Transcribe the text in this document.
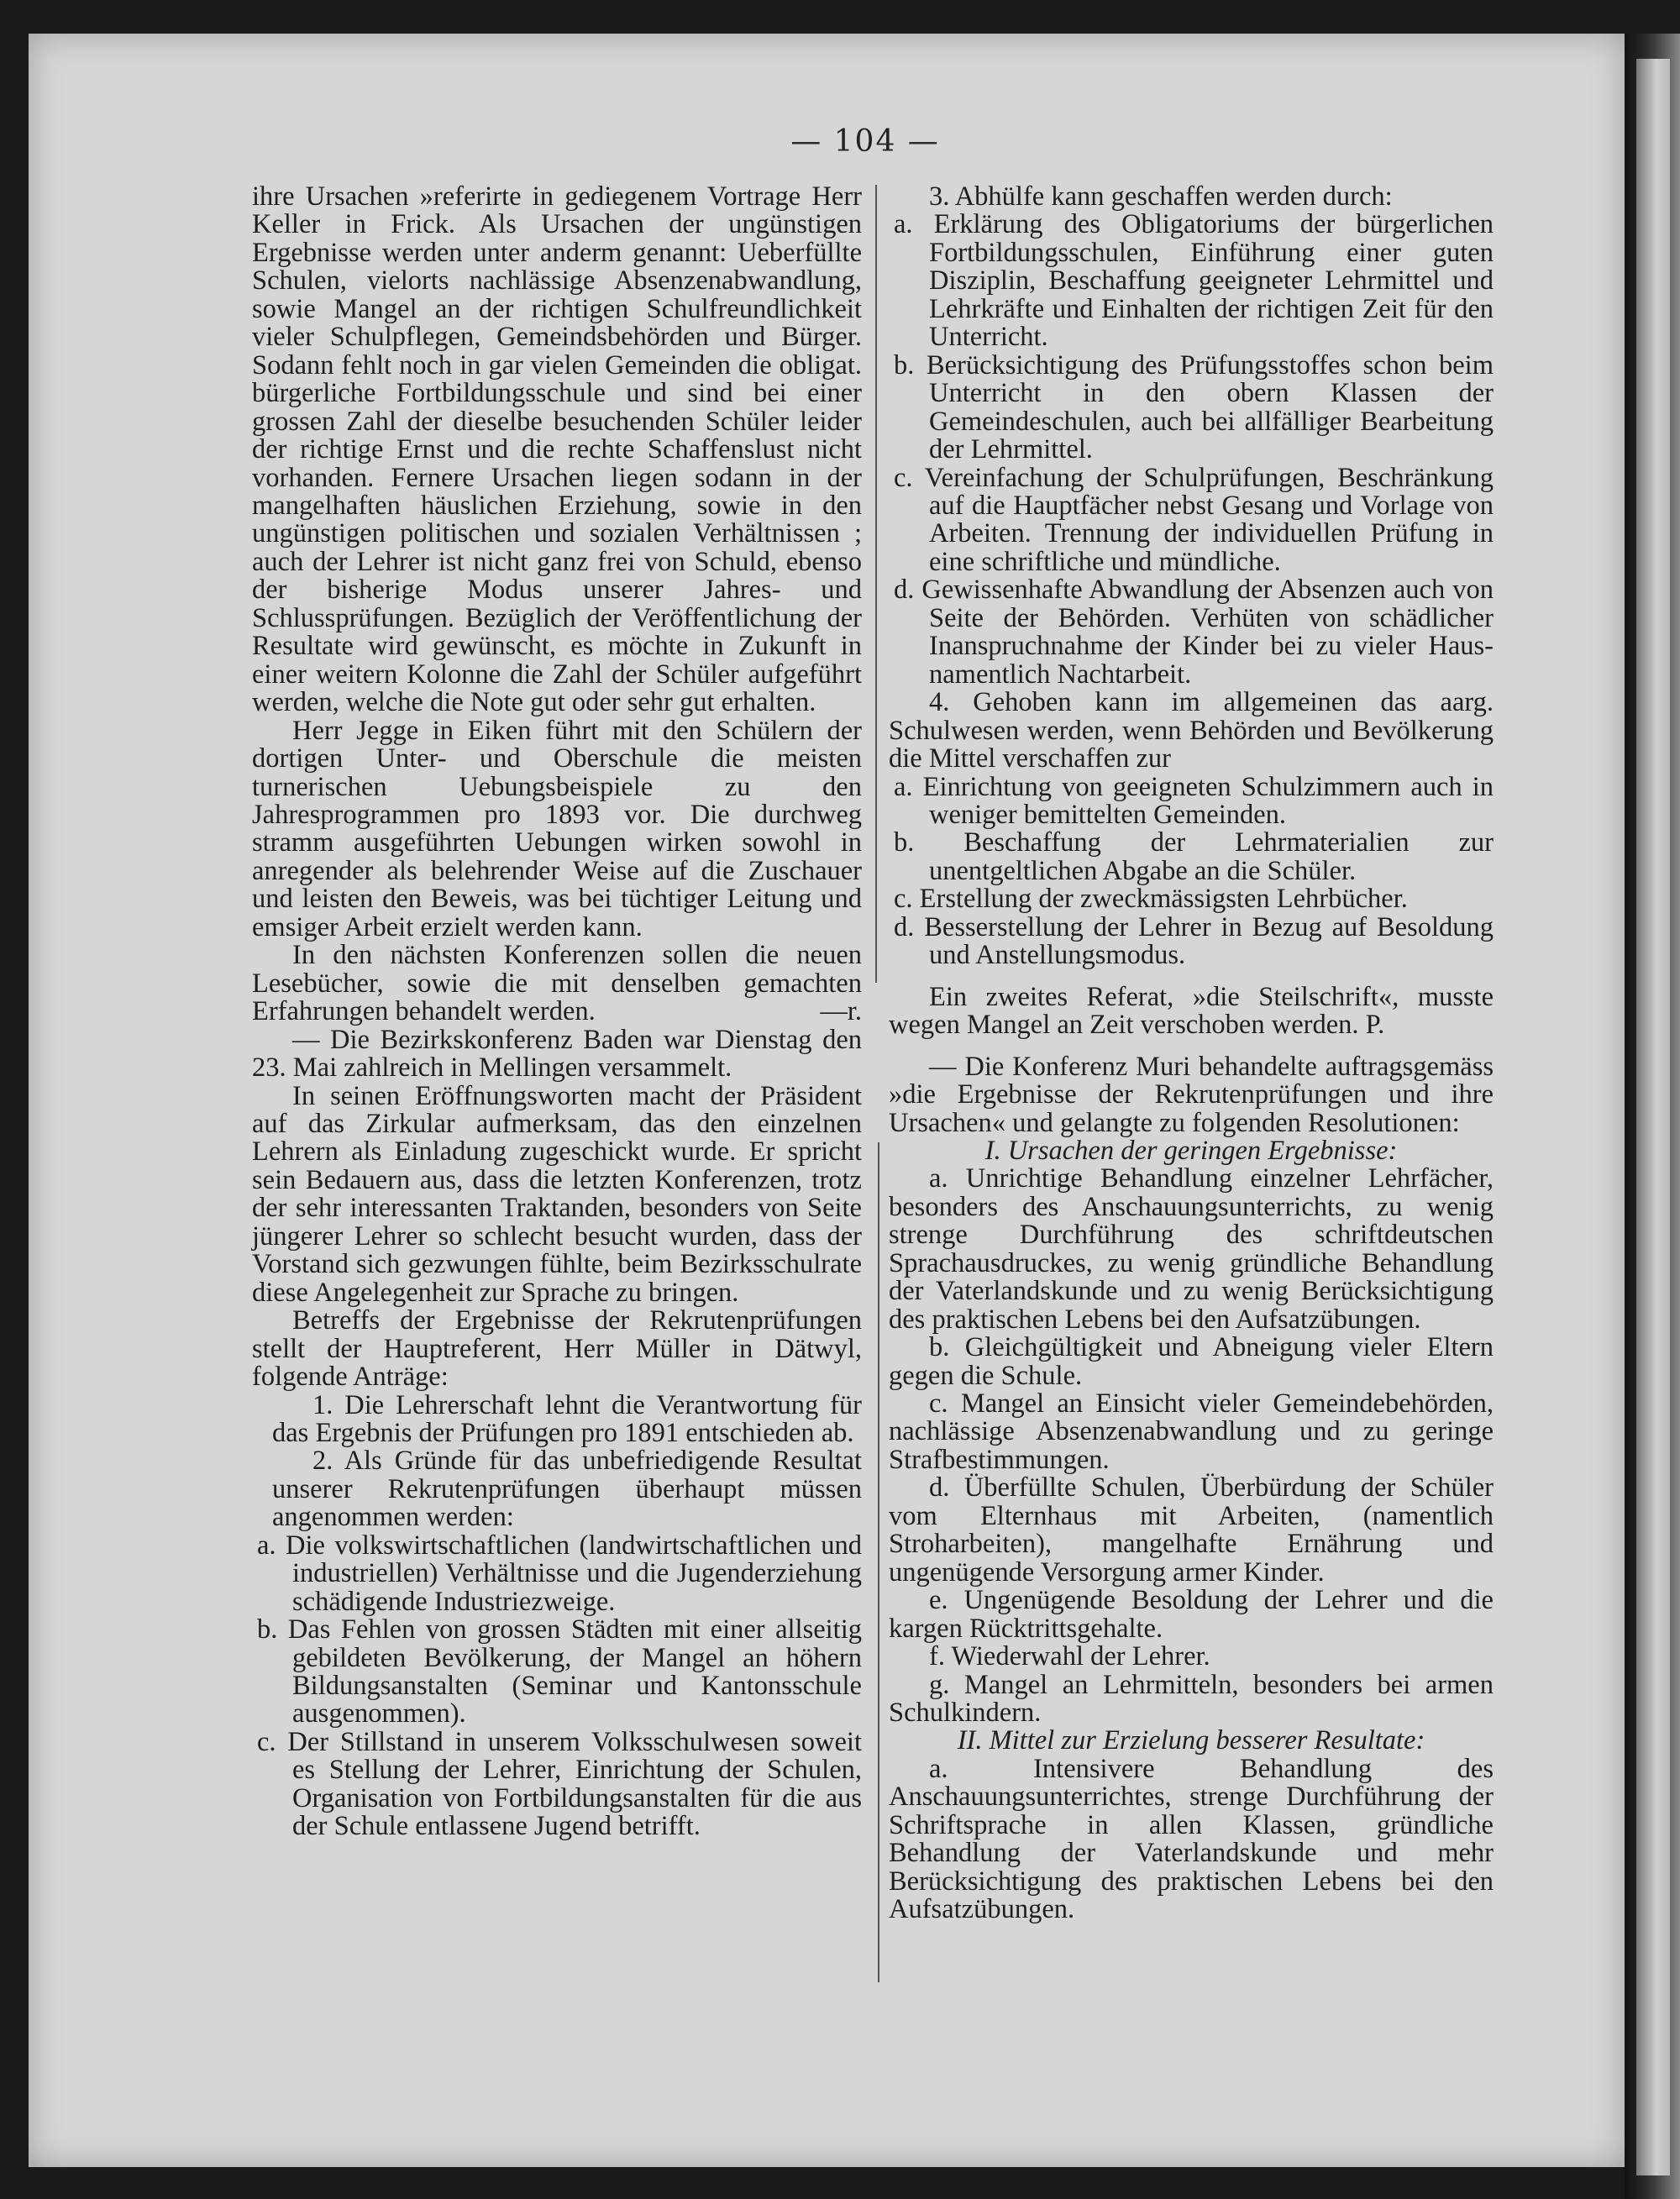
— 104 —

ihre Ursachen »referirte in gediegenem Vortrage Herr Keller in Frick. Als Ursachen der ungünstigen Ergebnisse werden unter anderm genannt: Ueberfüllte Schulen, vielorts nachlässige Absenzenabwandlung, sowie Mangel an der richtigen Schulfreundlichkeit vieler Schulpflegen, Gemeindsbehörden und Bürger. Sodann fehlt noch in gar vielen Gemeinden die obligat. bürgerliche Fortbildungsschule und sind bei einer grossen Zahl der dieselbe besuchenden Schüler leider der richtige Ernst und die rechte Schaffenslust nicht vorhanden. Fernere Ursachen liegen sodann in der mangelhaften häuslichen Erziehung, sowie in den ungünstigen politischen und sozialen Verhältnissen ; auch der Lehrer ist nicht ganz frei von Schuld, ebenso der bisherige Modus unserer Jahres- und Schlussprüfungen. Bezüglich der Veröffentlichung der Resultate wird gewünscht, es möchte in Zukunft in einer weitern Kolonne die Zahl der Schüler aufgeführt werden, welche die Note gut oder sehr gut erhalten.

Herr Jegge in Eiken führt mit den Schülern der dortigen Unter- und Oberschule die meisten turnerischen Uebungsbeispiele zu den Jahresprogrammen pro 1893 vor. Die durchweg stramm ausgeführten Uebungen wirken sowohl in anregender als belehrender Weise auf die Zuschauer und leisten den Beweis, was bei tüchtiger Leitung und emsiger Arbeit erzielt werden kann.

In den nächsten Konferenzen sollen die neuen Lesebücher, sowie die mit denselben gemachten Erfahrungen behandelt werden.	—r.

— Die Bezirkskonferenz Baden war Dienstag den 23. Mai zahlreich in Mellingen versammelt.

In seinen Eröffnungsworten macht der Präsident auf das Zirkular aufmerksam, das den einzelnen Lehrern als Einladung zugeschickt wurde. Er spricht sein Bedauern aus, dass die letzten Konferenzen, trotz der sehr interessanten Traktanden, besonders von Seite jüngerer Lehrer so schlecht besucht wurden, dass der Vorstand sich gezwungen fühlte, beim Bezirksschulrate diese Angelegenheit zur Sprache zu bringen.

Betreffs der Ergebnisse der Rekrutenprüfungen stellt der Hauptreferent, Herr Müller in Dätwyl, folgende Anträge:

1. Die Lehrerschaft lehnt die Verantwortung für das Ergebnis der Prüfungen pro 1891 entschieden ab.

2. Als Gründe für das unbefriedigende Resultat unserer Rekrutenprüfungen überhaupt müssen angenommen werden:

a. Die volkswirtschaftlichen (landwirtschaftlichen und industriellen) Verhältnisse und die Jugenderziehung schädigende Industriezweige.

b. Das Fehlen von grossen Städten mit einer allseitig gebildeten Bevölkerung, der Mangel an höhern Bildungsanstalten (Seminar und Kantonsschule ausgenommen).

c. Der Stillstand in unserem Volksschulwesen soweit es Stellung der Lehrer, Einrichtung der Schulen, Organisation von Fortbildungsanstalten für die aus der Schule entlassene Jugend betrifft.

3. Abhülfe kann geschaffen werden durch:

a. Erklärung des Obligatoriums der bürgerlichen Fortbildungsschulen, Einführung einer guten Disziplin, Beschaffung geeigneter Lehrmittel und Lehrkräfte und Einhalten der richtigen Zeit für den Unterricht.

b. Berücksichtigung des Prüfungsstoffes schon beim Unterricht in den obern Klassen der Gemeindeschulen, auch bei allfälliger Bearbeitung der Lehrmittel.

c. Vereinfachung der Schulprüfungen, Beschränkung auf die Hauptfächer nebst Gesang und Vorlage von Arbeiten. Trennung der individuellen Prüfung in eine schriftliche und mündliche.

d. Gewissenhafte Abwandlung der Absenzen auch von Seite der Behörden. Verhüten von schädlicher Inanspruchnahme der Kinder bei zu vieler Haus- namentlich Nachtarbeit.

4. Gehoben kann im allgemeinen das aarg. Schulwesen werden, wenn Behörden und Bevölkerung die Mittel verschaffen zur

a. Einrichtung von geeigneten Schulzimmern auch in weniger bemittelten Gemeinden.

b. Beschaffung der Lehrmaterialien zur unentgeltlichen Abgabe an die Schüler.

c. Erstellung der zweckmässigsten Lehrbücher.

d. Besserstellung der Lehrer in Bezug auf Besoldung und Anstellungsmodus.

Ein zweites Referat, »die Steilschrift«, musste wegen Mangel an Zeit verschoben werden. P.

— Die Konferenz Muri behandelte auftragsgemäss »die Ergebnisse der Rekrutenprüfungen und ihre Ursachen« und gelangte zu folgenden Resolutionen:

I. Ursachen der geringen Ergebnisse:

a. Unrichtige Behandlung einzelner Lehrfächer, besonders des Anschauungsunterrichts, zu wenig strenge Durchführung des schriftdeutschen Sprachausdruckes, zu wenig gründliche Behandlung der Vaterlandskunde und zu wenig Berücksichtigung des praktischen Lebens bei den Aufsatzübungen.

b. Gleichgültigkeit und Abneigung vieler Eltern gegen die Schule.

c. Mangel an Einsicht vieler Gemeindebehörden, nachlässige Absenzenabwandlung und zu geringe Strafbestimmungen.

d. Überfüllte Schulen, Überbürdung der Schüler vom Elternhaus mit Arbeiten, (namentlich Stroharbeiten), mangelhafte Ernährung und ungenügende Versorgung armer Kinder.

e. Ungenügende Besoldung der Lehrer und die kargen Rücktrittsgehalte.

f. Wiederwahl der Lehrer.

g. Mangel an Lehrmitteln, besonders bei armen Schulkindern.

II. Mittel zur Erzielung besserer Resultate:

a. Intensivere Behandlung des Anschauungsunterrichtes, strenge Durchführung der Schriftsprache in allen Klassen, gründliche Behandlung der Vaterlandskunde und mehr Berücksichtigung des praktischen Lebens bei den Aufsatzübungen.
